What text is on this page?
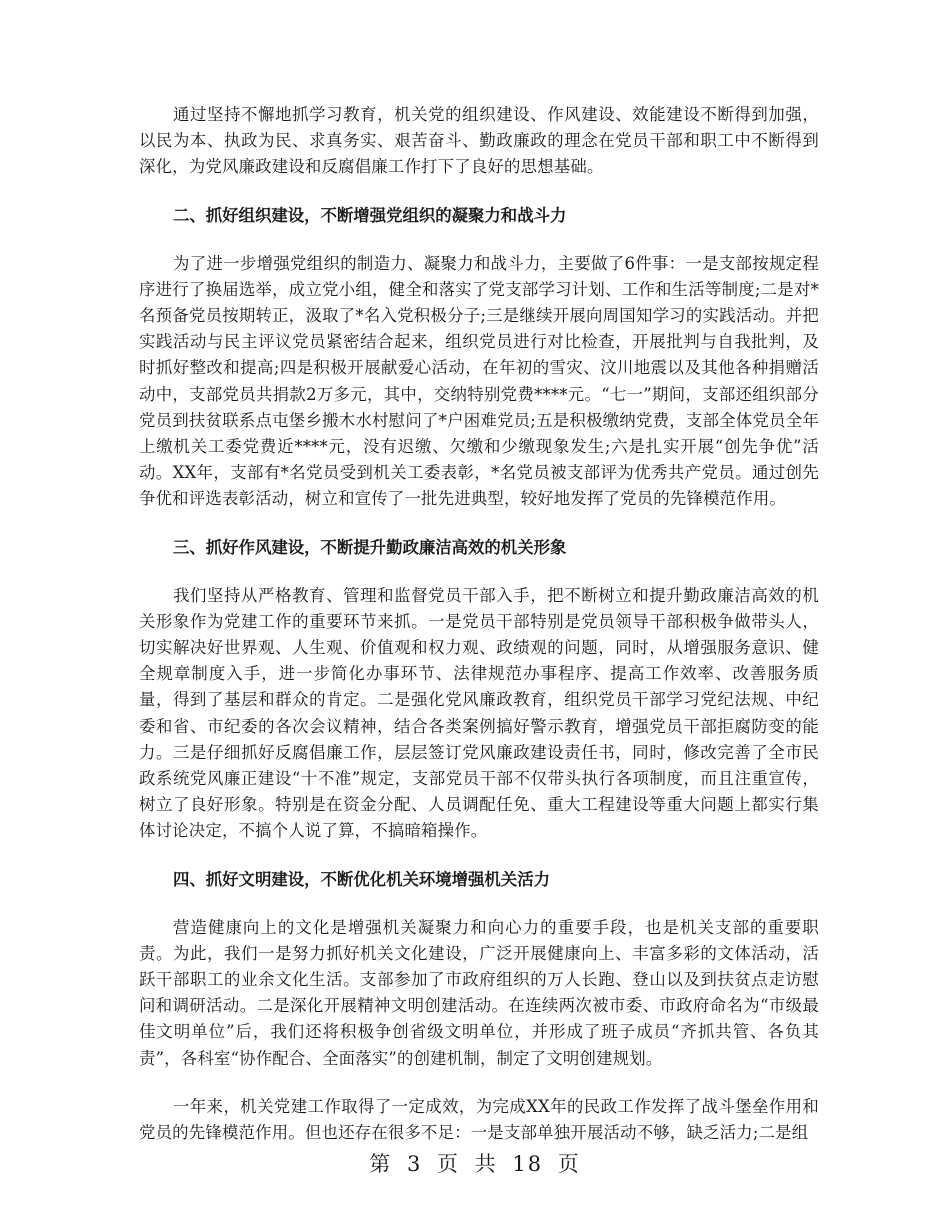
通过坚持不懈地抓学习教育，机关党的组织建设、作风建设、效能建设不断得到加强，以民为本、执政为民、求真务实、艰苦奋斗、勤政廉政的理念在党员干部和职工中不断得到深化，为党风廉政建设和反腐倡廉工作打下了良好的思想基础。

二、抓好组织建设，不断增强党组织的凝聚力和战斗力

为了进一步增强党组织的制造力、凝聚力和战斗力，主要做了6件事：一是支部按规定程序进行了换届选举，成立党小组，健全和落实了党支部学习计划、工作和生活等制度;二是对*名预备党员按期转正，汲取了*名入党积极分子;三是继续开展向周国知学习的实践活动。并把实践活动与民主评议党员紧密结合起来，组织党员进行对比检查，开展批判与自我批判，及时抓好整改和提高;四是积极开展献爱心活动，在年初的雪灾、汶川地震以及其他各种捐赠活动中，支部党员共捐款2万多元，其中，交纳特别党费****元。“七一”期间，支部还组织部分党员到扶贫联系点屯堡乡搬木水村慰问了*户困难党员;五是积极缴纳党费，支部全体党员全年上缴机关工委党费近****元，没有迟缴、欠缴和少缴现象发生;六是扎实开展“创先争优”活动。XX年，支部有*名党员受到机关工委表彰，*名党员被支部评为优秀共产党员。通过创先争优和评选表彰活动，树立和宣传了一批先进典型，较好地发挥了党员的先锋模范作用。

三、抓好作风建设，不断提升勤政廉洁高效的机关形象

我们坚持从严格教育、管理和监督党员干部入手，把不断树立和提升勤政廉洁高效的机关形象作为党建工作的重要环节来抓。一是党员干部特别是党员领导干部积极争做带头人，切实解决好世界观、人生观、价值观和权力观、政绩观的问题，同时，从增强服务意识、健全规章制度入手，进一步简化办事环节、法律规范办事程序、提高工作效率、改善服务质量，得到了基层和群众的肯定。二是强化党风廉政教育，组织党员干部学习党纪法规、中纪委和省、市纪委的各次会议精神，结合各类案例搞好警示教育，增强党员干部拒腐防变的能力。三是仔细抓好反腐倡廉工作，层层签订党风廉政建设责任书，同时，修改完善了全市民政系统党风廉正建设“十不准”规定，支部党员干部不仅带头执行各项制度，而且注重宣传，树立了良好形象。特别是在资金分配、人员调配任免、重大工程建设等重大问题上都实行集体讨论决定，不搞个人说了算，不搞暗箱操作。

四、抓好文明建设，不断优化机关环境增强机关活力

营造健康向上的文化是增强机关凝聚力和向心力的重要手段，也是机关支部的重要职责。为此，我们一是努力抓好机关文化建设，广泛开展健康向上、丰富多彩的文体活动，活跃干部职工的业余文化生活。支部参加了市政府组织的万人长跑、登山以及到扶贫点走访慰问和调研活动。二是深化开展精神文明创建活动。在连续两次被市委、市政府命名为“市级最佳文明单位”后，我们还将积极争创省级文明单位，并形成了班子成员“齐抓共管、各负其责”，各科室“协作配合、全面落实”的创建机制，制定了文明创建规划。

一年来，机关党建工作取得了一定成效，为完成XX年的民政工作发挥了战斗堡垒作用和党员的先锋模范作用。但也还存在很多不足：一是支部单独开展活动不够，缺乏活力;二是组

第 3 页 共 18 页
